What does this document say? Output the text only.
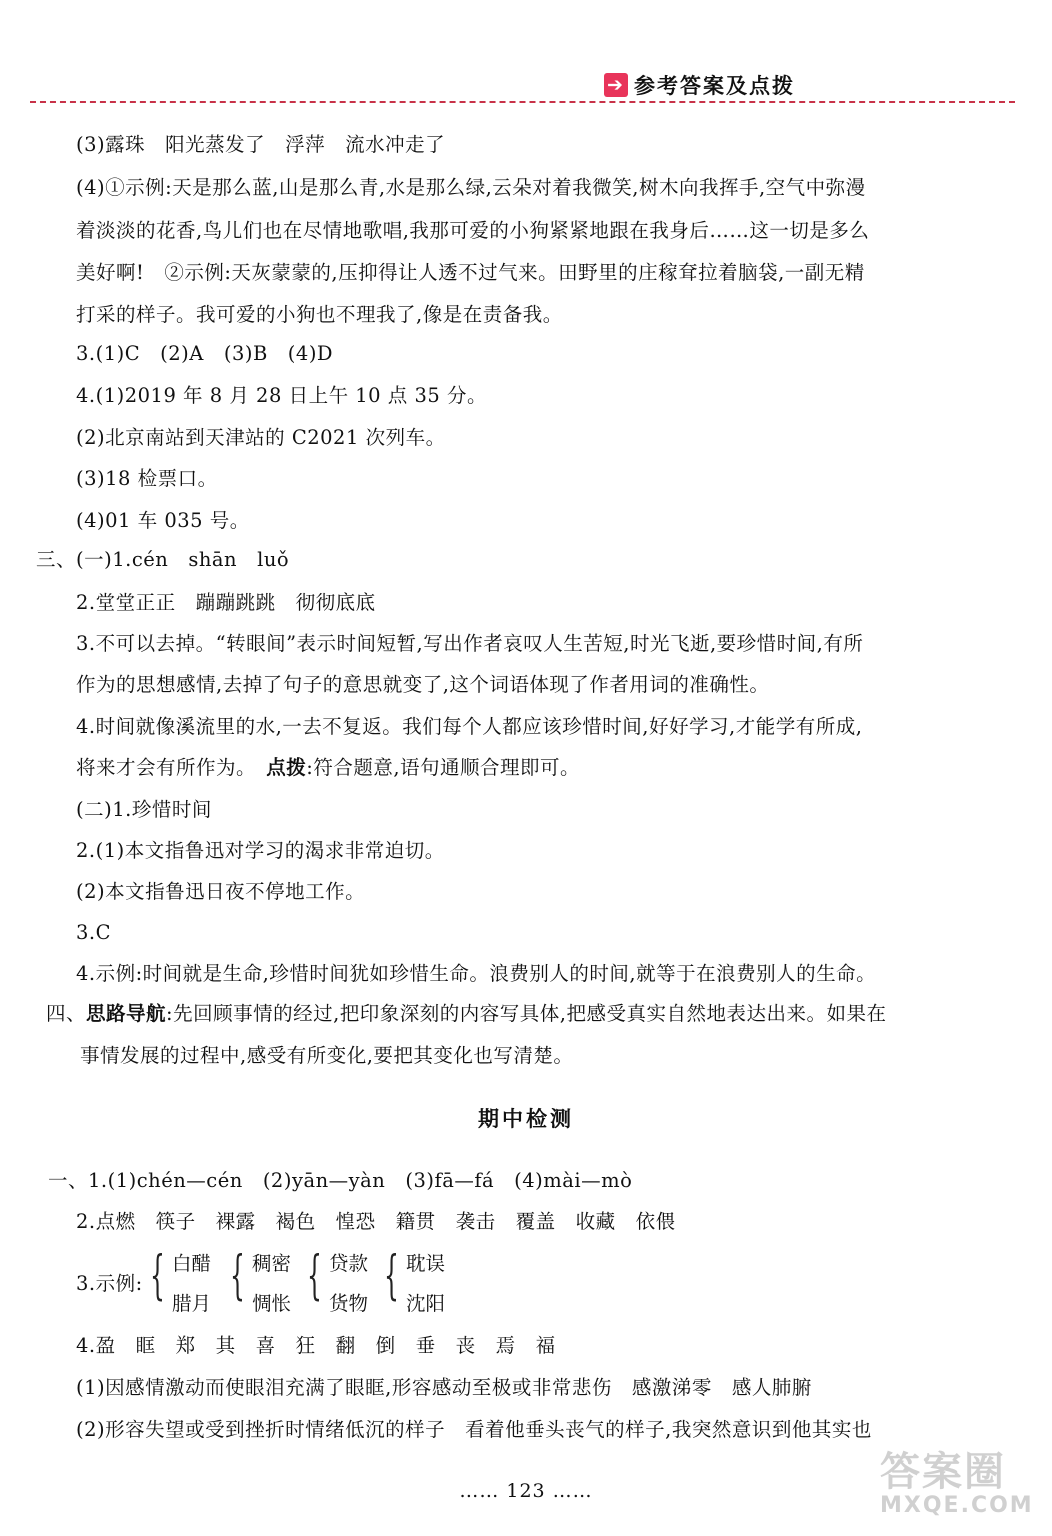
➔ 参考答案及点拨
(3)露珠　阳光蒸发了　浮萍　流水冲走了
(4)①示例:天是那么蓝,山是那么青,水是那么绿,云朵对着我微笑,树木向我挥手,空气中弥漫
着淡淡的花香,鸟儿们也在尽情地歌唱,我那可爱的小狗紧紧地跟在我身后……这一切是多么
美好啊!　②示例:天灰蒙蒙的,压抑得让人透不过气来。田野里的庄稼耷拉着脑袋,一副无精
打采的样子。我可爱的小狗也不理我了,像是在责备我。
3.(1)C　(2)A　(3)B　(4)D
4.(1)2019 年 8 月 28 日上午 10 点 35 分。
(2)北京南站到天津站的 C2021 次列车。
(3)18 检票口。
(4)01 车 035 号。
三、(一)1.cén　shān　luǒ
2.堂堂正正　蹦蹦跳跳　彻彻底底
3.不可以去掉。“转眼间”表示时间短暂,写出作者哀叹人生苦短,时光飞逝,要珍惜时间,有所
作为的思想感情,去掉了句子的意思就变了,这个词语体现了作者用词的准确性。
4.时间就像溪流里的水,一去不复返。我们每个人都应该珍惜时间,好好学习,才能学有所成,
将来才会有所作为。　点拨:符合题意,语句通顺合理即可。
(二)1.珍惜时间
2.(1)本文指鲁迅对学习的渴求非常迫切。
(2)本文指鲁迅日夜不停地工作。
3.C
4.示例:时间就是生命,珍惜时间犹如珍惜生命。浪费别人的时间,就等于在浪费别人的生命。
四、思路导航:先回顾事情的经过,把印象深刻的内容写具体,把感受真实自然地表达出来。如果在
事情发展的过程中,感受有所变化,要把其变化也写清楚。
期中检测
一、1.(1)chén—cén　(2)yān—yàn　(3)fā—fá　(4)mài—mò
2.点燃　筷子　裸露　褐色　惶恐　籍贯　袭击　覆盖　收藏　依偎
3.示例: { 白醋
腊月 { 稠密
惆怅 { 贷款
货物 { 耽误
沈阳
4.盈　眶　郑　其　喜　狂　翻　倒　垂　丧　焉　福
(1)因感情激动而使眼泪充满了眼眶,形容感动至极或非常悲伤　感激涕零　感人肺腑
(2)形容失望或受到挫折时情绪低沉的样子　看着他垂头丧气的样子,我突然意识到他其实也
…… 123 ……	答案圈
MXQE.COM
